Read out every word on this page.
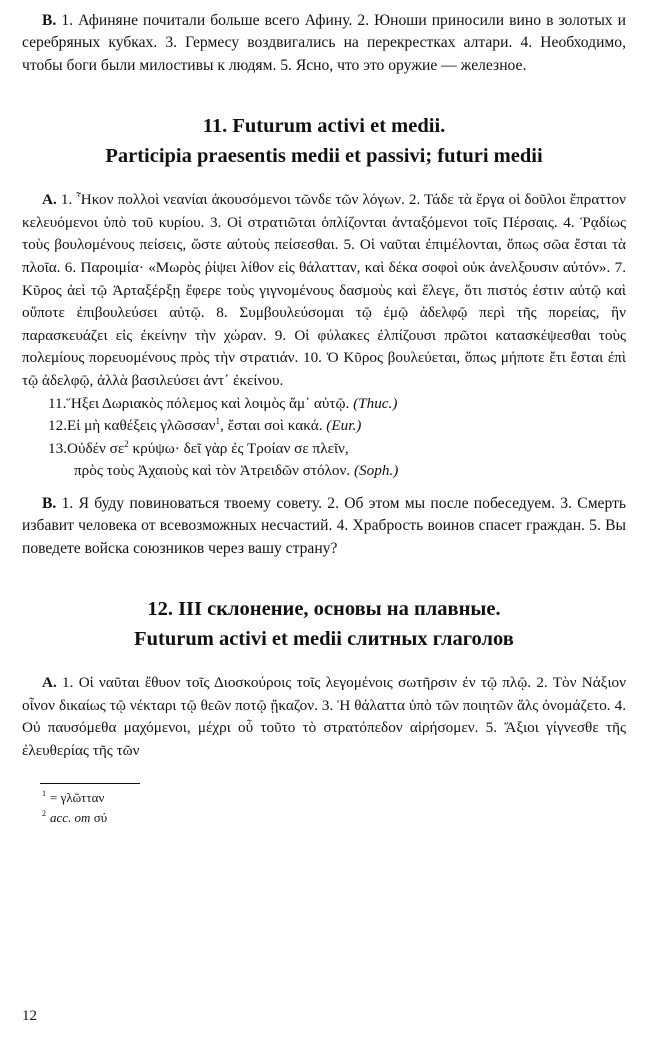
B. 1. Афиняне почитали больше всего Афину. 2. Юноши приносили вино в золотых и серебряных кубках. 3. Гермесу воздвигались на перекрестках алтари. 4. Необходимо, чтобы боги были милостивы к людям. 5. Ясно, что это оружие — железное.

11. Futurum activi et medii.
Participia praesentis medii et passivi; futuri medii

A. 1. Ἧκον πολλοὶ νεανίαι ἀκουσόμενοι τῶνδε τῶν λόγων. 2. Τάδε τὰ ἔργα οἱ δοῦλοι ἔπραττον κελευόμενοι ὑπὸ τοῦ κυρίου. 3. Οἱ στρατιῶται ὁπλίζονται ἀνταξόμενοι τοῖς Πέρσαις. 4. Ῥᾳδίως τοὺς βουλομένους πείσεις, ὥστε αὐτοὺς πείσεσθαι. 5. Οἱ ναῦται ἐπιμέλονται, ὅπως σῶα ἔσται τὰ πλοῖα. 6. Παροιμία· «Μωρὸς ῥίψει λίθον εἰς θάλατταν, καὶ δέκα σοφοὶ οὐκ ἀνελξουσιν αὐτόν». 7. Κῦρος ἀεὶ τῷ Ἀρταξέρξῃ ἔφερε τοὺς γιγνομένους δασμοὺς καὶ ἔλεγε, ὅτι πιστός ἐστιν αὐτῷ καὶ οὔποτε ἐπιβουλεύσει αὐτῷ. 8. Συμβουλεύσομαι τῷ ἐμῷ ἀδελφῷ περὶ τῆς πορείας, ἣν παρασκευάζει εἰς ἐκείνην τὴν χώραν. 9. Οἱ φύλακες ἐλπίζουσι πρῶτοι κατασκέψεσθαι τοὺς πολεμίους πορευομένους πρὸς τὴν στρατιάν. 10. Ὁ Κῦρος βουλεύεται, ὅπως μήποτε ἔτι ἔσται ἐπὶ τῷ ἀδελφῷ, ἀλλὰ βασιλεύσει ἀντ᾽ ἐκείνου.

11.Ἥξει Δωριακὸς πόλεμος καὶ λοιμὸς ἅμ᾽ αὐτῷ. (Thuc.)
12.Εἰ μὴ καθέξεις γλῶσσαν$^1$, ἔσται σοὶ κακά. (Eur.)
13.Οὐδέν $\sigma\varepsilon^2$ κρύψω· δεῖ γὰρ ἐς Τροίαν σε πλεῖν,
πρὸς τοὺς Ἀχαιοὺς καὶ τὸν Ἀτρειδῶν στόλον. (Soph.)

B. 1. Я буду повиноваться твоему совету. 2. Об этом мы после побеседуем. 3. Смерть избавит человека от всевозможных несчастий. 4. Храбрость воинов спасет граждан. 5. Вы поведете войска союзников через вашу страну?

12. III склонение, основы на плавные.
Futurum activi et medii слитных глаголов

A. 1. Οἱ ναῦται ἔθυον τοῖς Διοσκούροις τοῖς λεγομένοις σωτῆρσιν ἐν τῷ πλῷ. 2. Τὸν Νάξιον οἶνον δικαίως τῷ νέκταρι τῷ θεῶν ποτῷ ᾔκαζον. 3. Ἡ θάλαττα ὑπὸ τῶν ποιητῶν ἅλς ὀνομάζετο. 4. Οὐ παυσόμεθα μαχόμενοι, μέχρι οὗ τοῦτο τὸ στρατόπεδον αἱρήσομεν. 5. Ἄξιοι γίγνεσθε τῆς ἐλευθερίας τῆς τῶν

$^1$ = γλῶτταν
$^2$ acc. от σύ
12
